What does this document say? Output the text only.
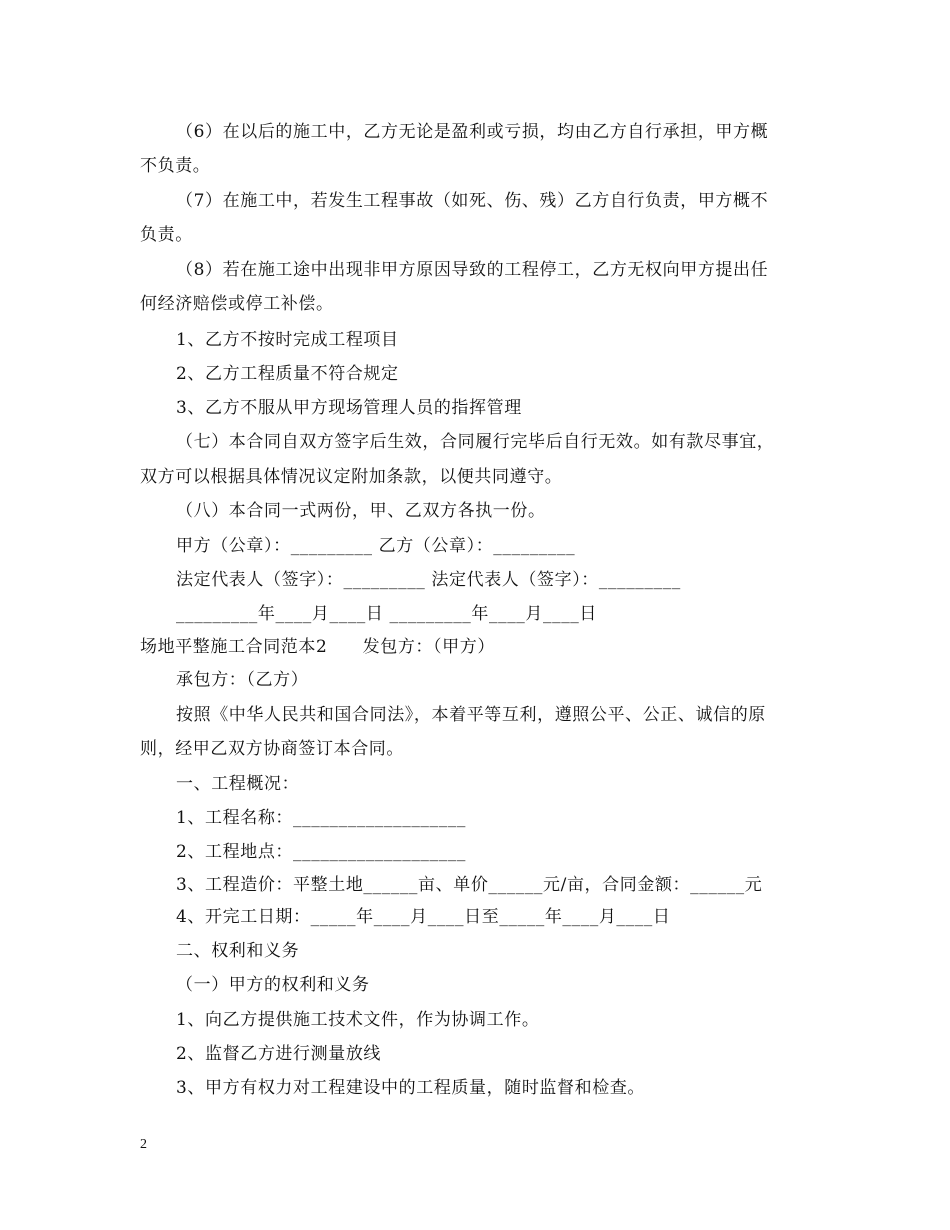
（6）在以后的施工中，乙方无论是盈利或亏损，均由乙方自行承担，甲方概
不负责。
（7）在施工中，若发生工程事故（如死、伤、残）乙方自行负责，甲方概不
负责。
（8）若在施工途中出现非甲方原因导致的工程停工，乙方无权向甲方提出任
何经济赔偿或停工补偿。
1、乙方不按时完成工程项目
2、乙方工程质量不符合规定
3、乙方不服从甲方现场管理人员的指挥管理
（七）本合同自双方签字后生效，合同履行完毕后自行无效。如有款尽事宜，
双方可以根据具体情况议定附加条款，以便共同遵守。
（八）本合同一式两份，甲、乙双方各执一份。
甲方（公章）：_________ 乙方（公章）：_________
法定代表人（签字）：_________ 法定代表人（签字）：_________
_________年____月____日 _________年____月____日
场地平整施工合同范本2　　发包方：（甲方）
承包方：（乙方）
按照《中华人民共和国合同法》，本着平等互利，遵照公平、公正、诚信的原
则，经甲乙双方协商签订本合同。
一、工程概况：
1、工程名称：___________________
2、工程地点：___________________
3、工程造价：平整土地______亩、单价______元/亩，合同金额：______元
4、开完工日期：_____年____月____日至_____年____月____日
二、权利和义务
（一）甲方的权利和义务
1、向乙方提供施工技术文件，作为协调工作。
2、监督乙方进行测量放线
3、甲方有权力对工程建设中的工程质量，随时监督和检查。
2
